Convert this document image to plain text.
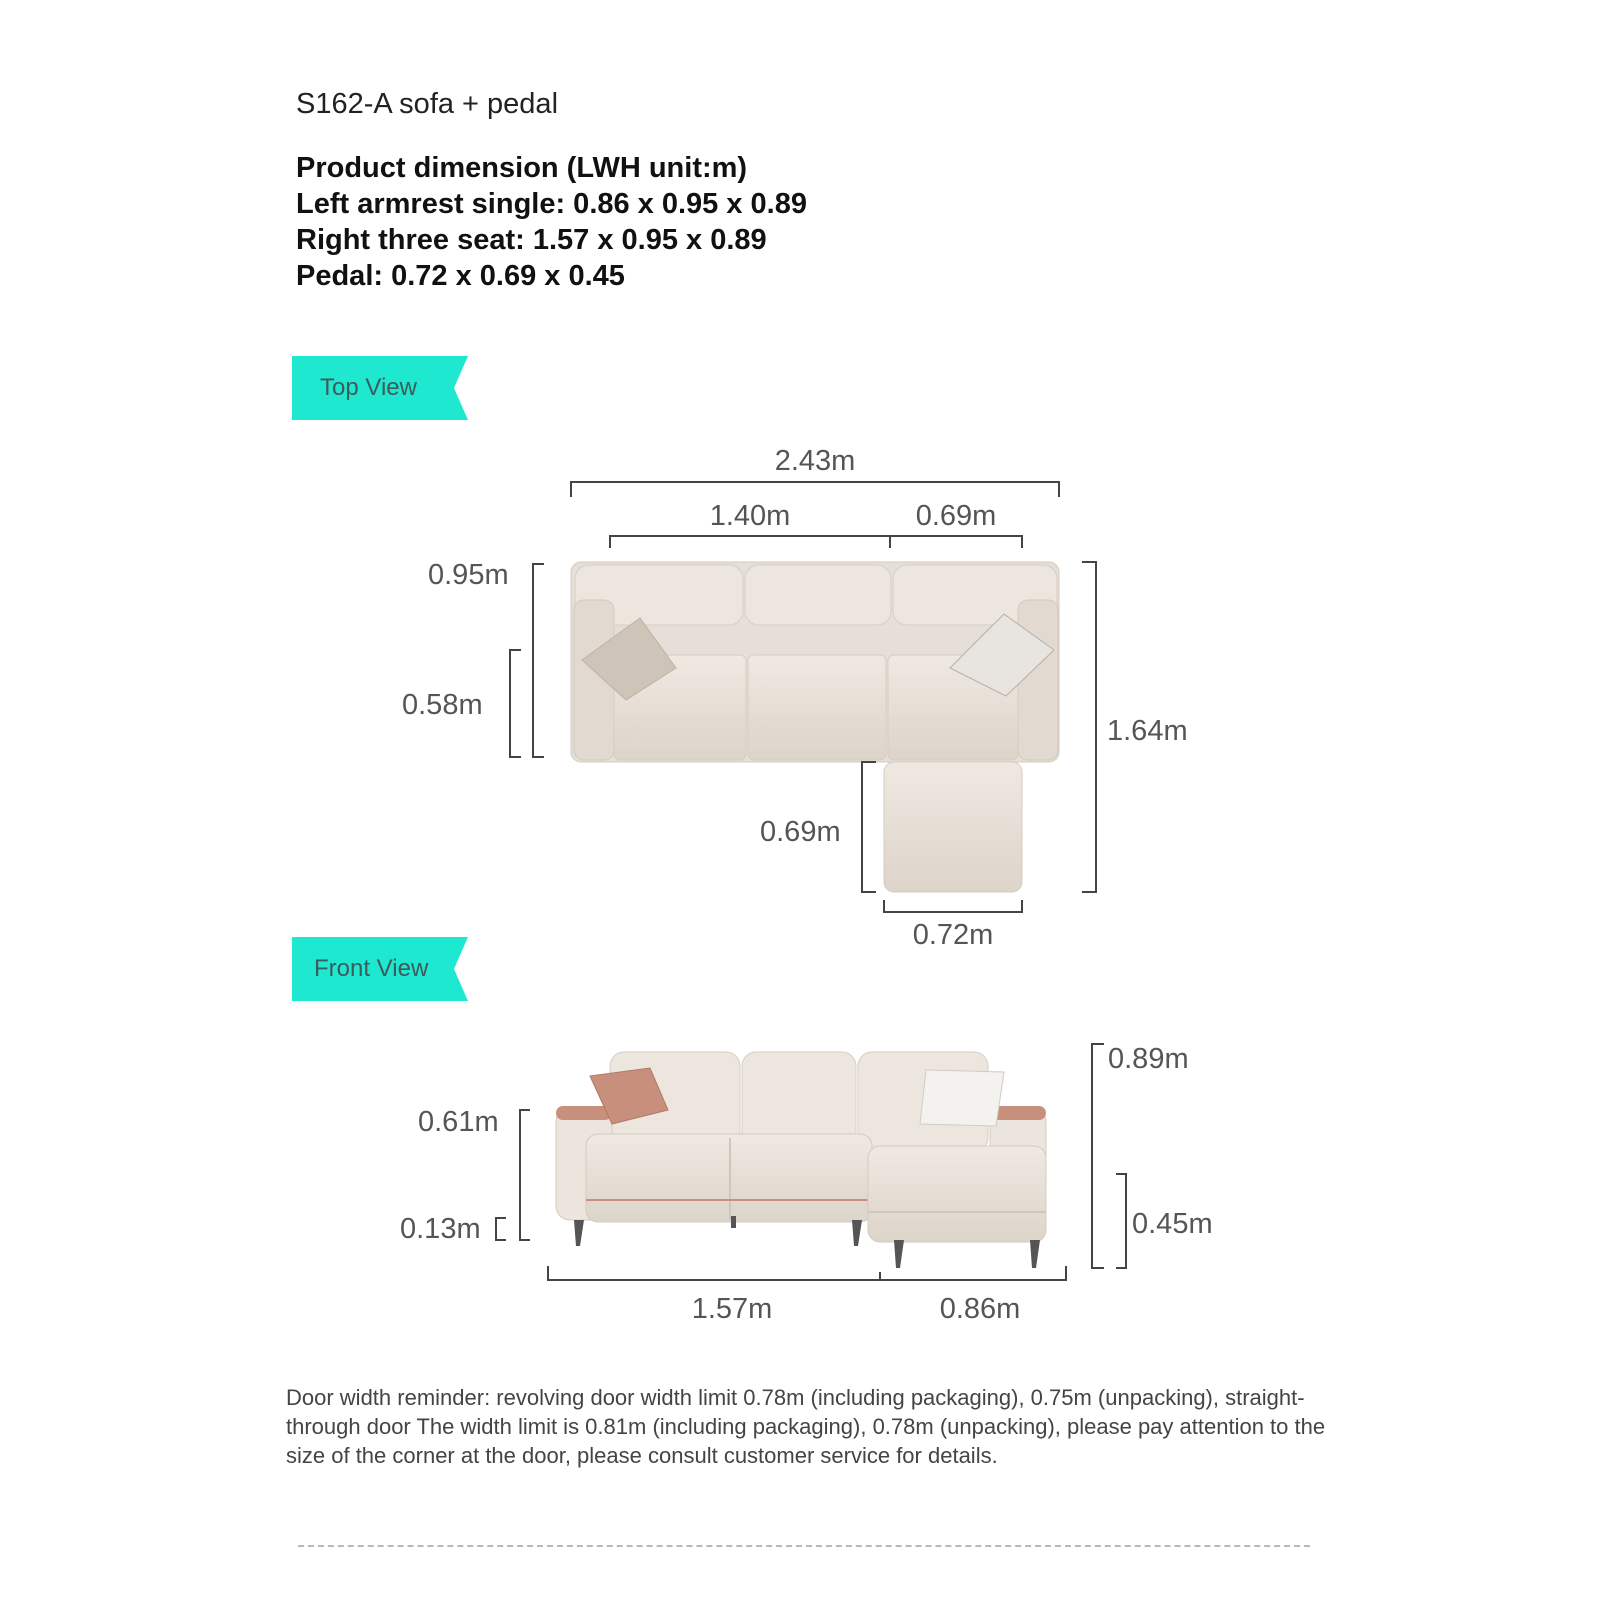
S162-A sofa + pedal
Product dimension (LWH unit:m)
Left armrest single: 0.86 x 0.95 x 0.89
Right three seat: 1.57 x 0.95 x 0.89
Pedal: 0.72 x 0.69 x 0.45
Top View
Front View
2.43m
1.40m	0.69m
0.95m
0.58m
1.64m
0.69m
0.72m
0.89m
0.61m
0.13m	0.45m
1.57m	0.86m
Door width reminder: revolving door width limit 0.78m (including packaging), 0.75m (unpacking), straight-through door The width limit is 0.81m (including packaging), 0.78m (unpacking), please pay attention to the size of the corner at the door, please consult customer service for details.
